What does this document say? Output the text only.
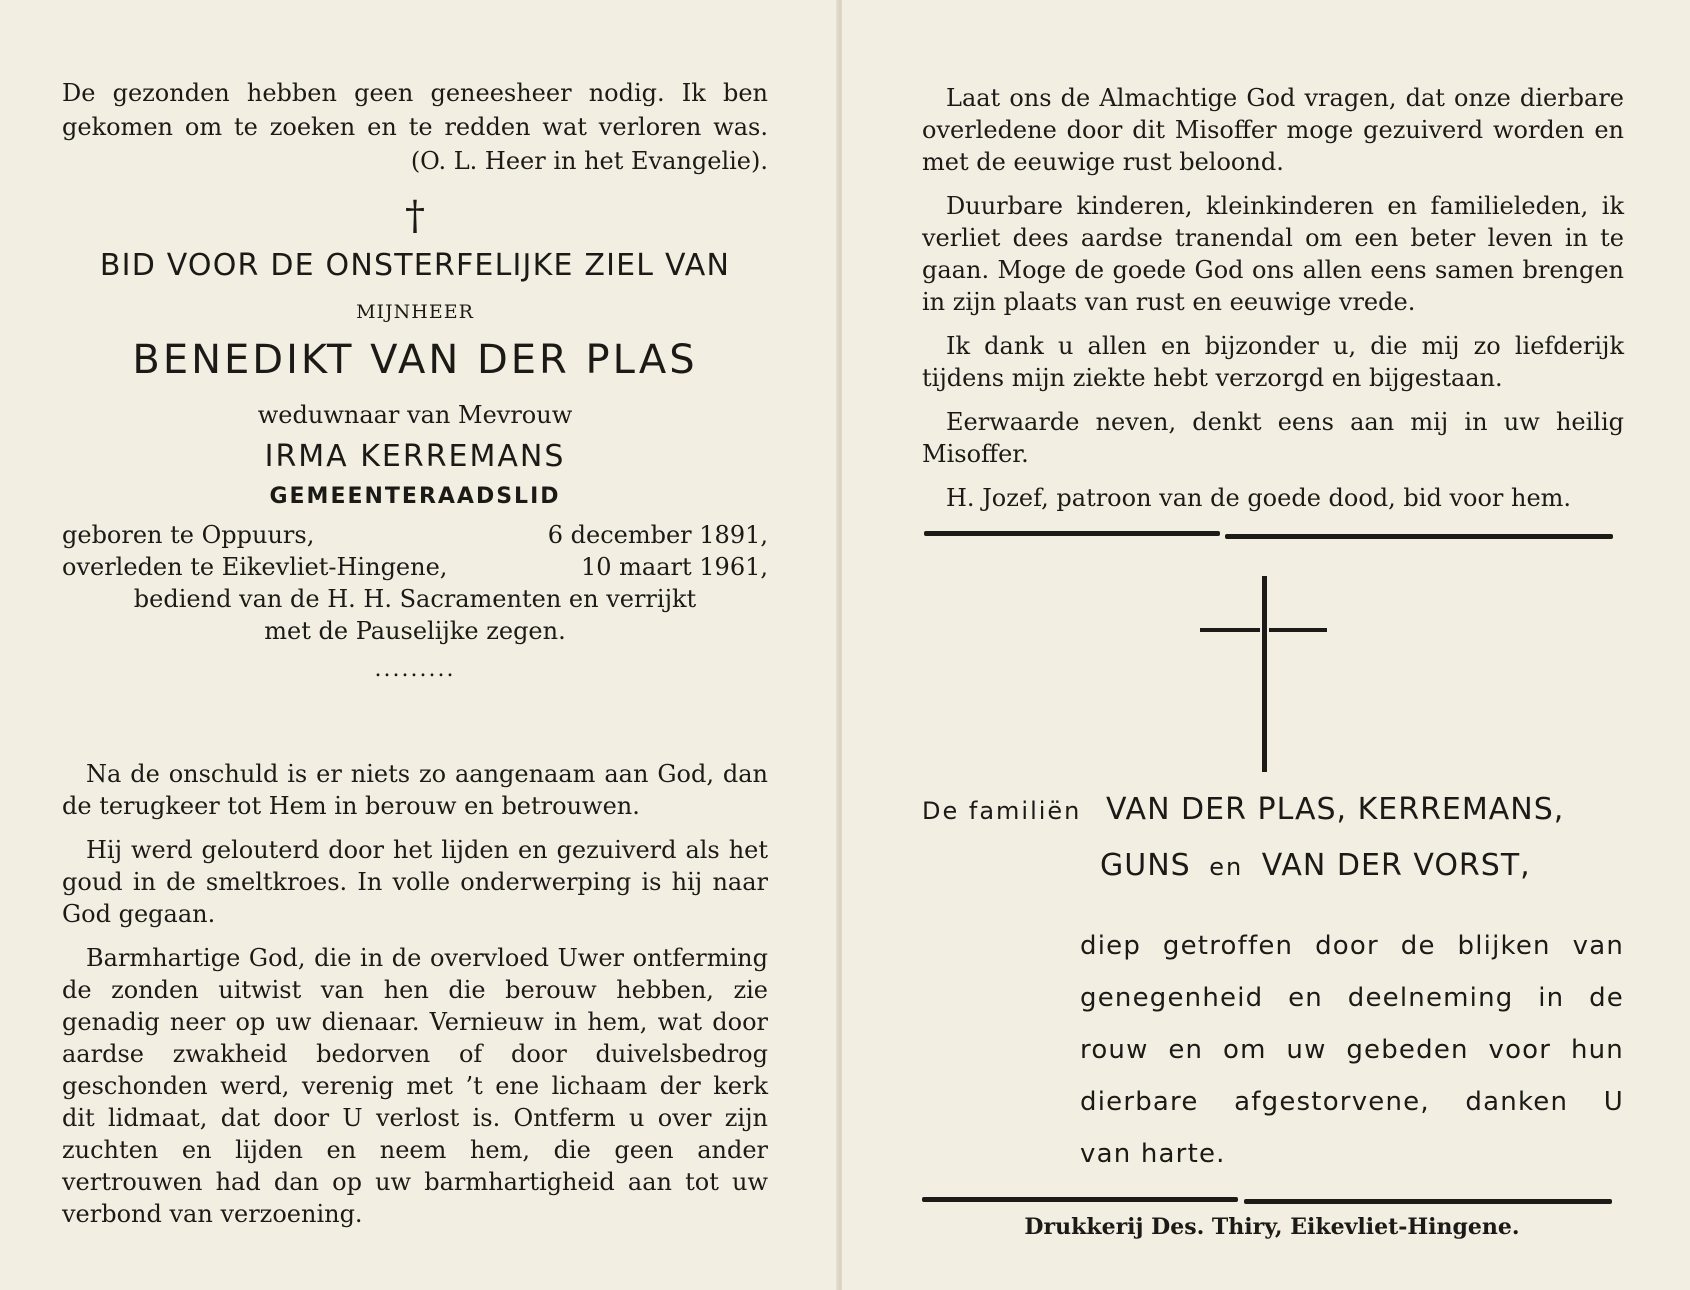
De gezonden hebben geen geneesheer nodig. Ik ben

gekomen om te zoeken en te redden wat verloren was.

(O. L. Heer in het Evangelie).

†
BID VOOR DE ONSTERFELIJKE ZIEL VAN
MIJNHEER
BENEDIKT VAN DER PLAS
weduwnaar van Mevrouw
IRMA KERREMANS
GEMEENTERAADSLID
geboren te Oppuurs,	6 december 1891,
overleden te Eikevliet-Hingene,	10 maart 1961,
bediend van de H. H. Sacramenten en verrijkt
met de Pauselijke zegen.
.........

Na de onschuld is er niets zo aangenaam aan God, dan de terugkeer tot Hem in berouw en betrouwen.

Hij werd gelouterd door het lijden en gezuiverd als het goud in de smeltkroes. In volle onderwerping is hij naar God gegaan.

Barmhartige God, die in de overvloed Uwer ontferming de zonden uitwist van hen die berouw hebben, zie genadig neer op uw dienaar. Vernieuw in hem, wat door aardse zwakheid bedorven of door duivelsbedrog geschonden werd, verenig met ’t ene lichaam der kerk dit lidmaat, dat door U verlost is. Ontferm u over zijn zuchten en lijden en neem hem, die geen ander vertrouwen had dan op uw barmhartigheid aan tot uw verbond van verzoening.

Laat ons de Almachtige God vragen, dat onze dierbare overledene door dit Misoffer moge gezuiverd worden en met de eeuwige rust beloond.

Duurbare kinderen, kleinkinderen en familieleden, ik verliet dees aardse tranendal om een beter leven in te gaan. Moge de goede God ons allen eens samen brengen in zijn plaats van rust en eeuwige vrede.

Ik dank u allen en bijzonder u, die mij zo liefderijk tijdens mijn ziekte hebt verzorgd en bijgestaan.

Eerwaarde neven, denkt eens aan mij in uw heilig Misoffer.

H. Jozef, patroon van de goede dood, bid voor hem.

De familiën VAN DER PLAS, KERREMANS,
GUNS en VAN DER VORST,

diep getroffen door de blijken van

genegenheid en deelneming in de

rouw en om uw gebeden voor hun

dierbare afgestorvene, danken U

van harte.

Drukkerij Des. Thiry, Eikevliet-Hingene.
